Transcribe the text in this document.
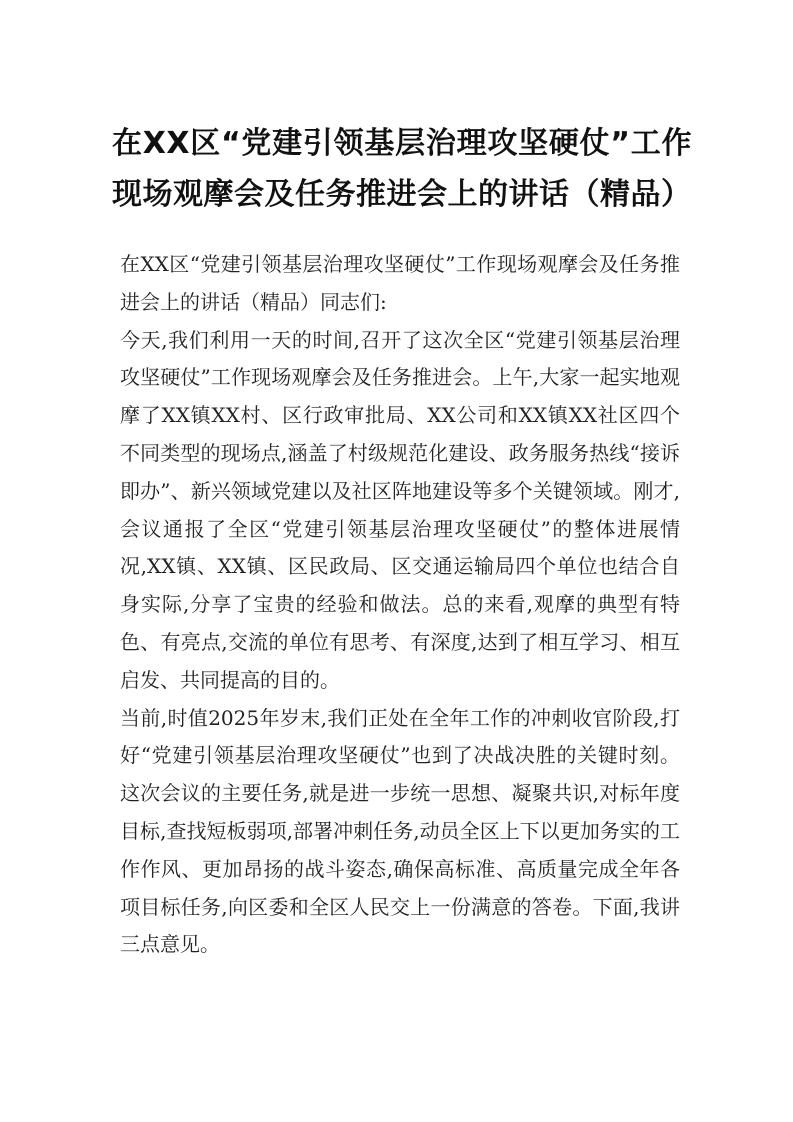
在XX区“党建引领基层治理攻坚硬仗”工作现场观摩会及任务推进会上的讲话（精品）

在XX区“党建引领基层治理攻坚硬仗”工作现场观摩会及任务推进会上的讲话（精品）同志们:

今天,我们利用一天的时间,召开了这次全区“党建引领基层治理攻坚硬仗”工作现场观摩会及任务推进会。上午,大家一起实地观摩了XX镇XX村、区行政审批局、XX公司和XX镇XX社区四个不同类型的现场点,涵盖了村级规范化建设、政务服务热线“接诉即办”、新兴领域党建以及社区阵地建设等多个关键领域。刚才,会议通报了全区“党建引领基层治理攻坚硬仗”的整体进展情况,XX镇、XX镇、区民政局、区交通运输局四个单位也结合自身实际,分享了宝贵的经验和做法。总的来看,观摩的典型有特色、有亮点,交流的单位有思考、有深度,达到了相互学习、相互启发、共同提高的目的。

当前,时值2025年岁末,我们正处在全年工作的冲刺收官阶段,打好“党建引领基层治理攻坚硬仗”也到了决战决胜的关键时刻。这次会议的主要任务,就是进一步统一思想、凝聚共识,对标年度目标,查找短板弱项,部署冲刺任务,动员全区上下以更加务实的工作作风、更加昂扬的战斗姿态,确保高标准、高质量完成全年各项目标任务,向区委和全区人民交上一份满意的答卷。下面,我讲三点意见。
